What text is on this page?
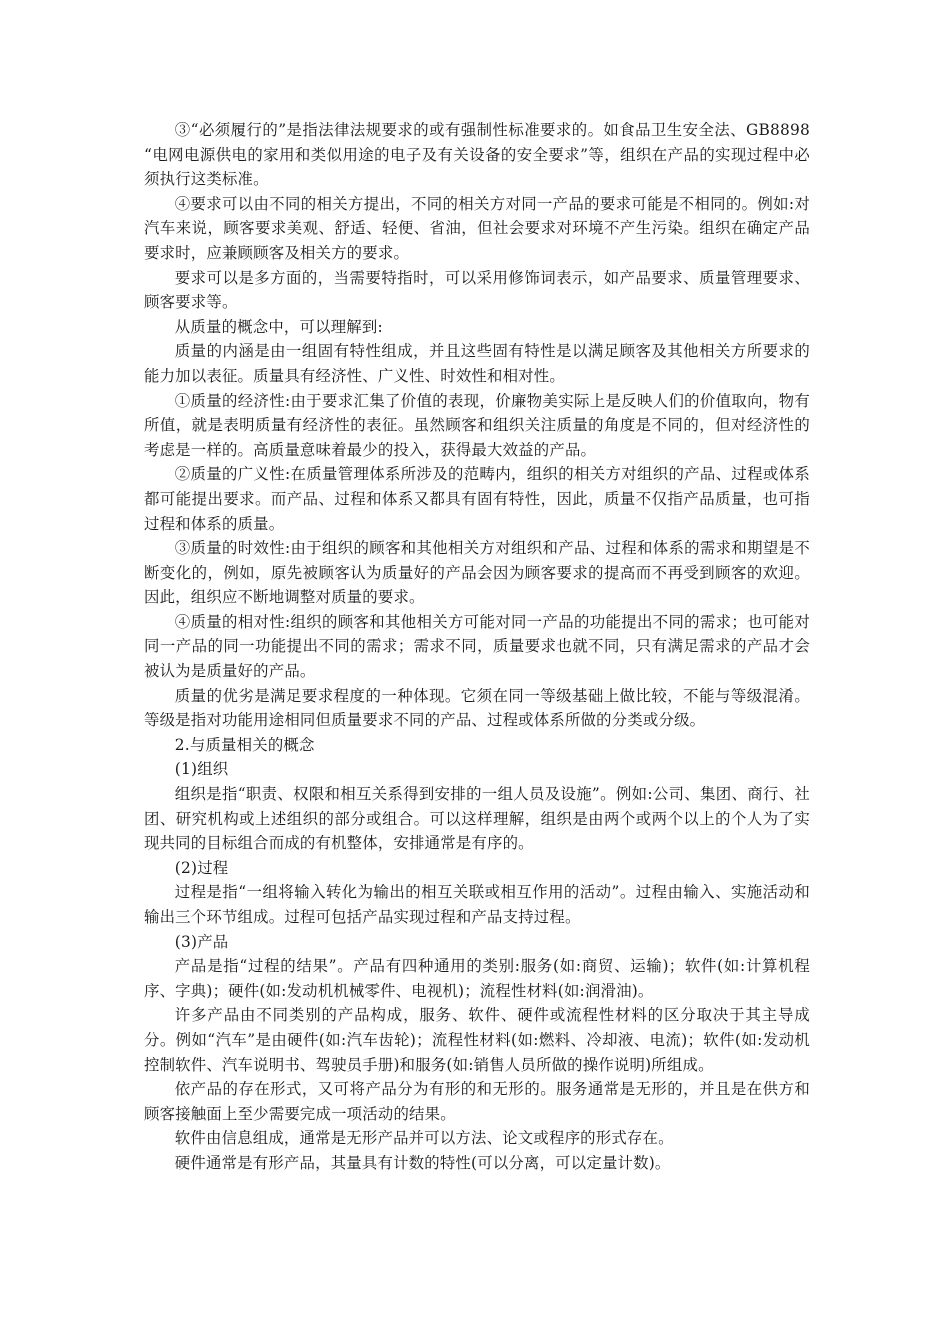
③“必须履行的”是指法律法规要求的或有强制性标准要求的。如食品卫生安全法、GB8898 “电网电源供电的家用和类似用途的电子及有关设备的安全要求”等，组织在产品的实现过程中必须执行这类标准。

④要求可以由不同的相关方提出，不同的相关方对同一产品的要求可能是不相同的。例如:对汽车来说，顾客要求美观、舒适、轻便、省油，但社会要求对环境不产生污染。组织在确定产品要求时，应兼顾顾客及相关方的要求。

要求可以是多方面的，当需要特指时，可以采用修饰词表示，如产品要求、质量管理要求、顾客要求等。

从质量的概念中，可以理解到:

质量的内涵是由一组固有特性组成，并且这些固有特性是以满足顾客及其他相关方所要求的能力加以表征。质量具有经济性、广义性、时效性和相对性。

①质量的经济性:由于要求汇集了价值的表现，价廉物美实际上是反映人们的价值取向，物有所值，就是表明质量有经济性的表征。虽然顾客和组织关注质量的角度是不同的，但对经济性的考虑是一样的。高质量意味着最少的投入，获得最大效益的产品。

②质量的广义性:在质量管理体系所涉及的范畴内，组织的相关方对组织的产品、过程或体系都可能提出要求。而产品、过程和体系又都具有固有特性，因此，质量不仅指产品质量，也可指过程和体系的质量。

③质量的时效性:由于组织的顾客和其他相关方对组织和产品、过程和体系的需求和期望是不断变化的，例如，原先被顾客认为质量好的产品会因为顾客要求的提高而不再受到顾客的欢迎。因此，组织应不断地调整对质量的要求。

④质量的相对性:组织的顾客和其他相关方可能对同一产品的功能提出不同的需求；也可能对同一产品的同一功能提出不同的需求；需求不同，质量要求也就不同，只有满足需求的产品才会被认为是质量好的产品。

质量的优劣是满足要求程度的一种体现。它须在同一等级基础上做比较，不能与等级混淆。等级是指对功能用途相同但质量要求不同的产品、过程或体系所做的分类或分级。

2.与质量相关的概念

(1)组织

组织是指“职责、权限和相互关系得到安排的一组人员及设施”。例如:公司、集团、商行、社团、研究机构或上述组织的部分或组合。可以这样理解，组织是由两个或两个以上的个人为了实现共同的目标组合而成的有机整体，安排通常是有序的。

(2)过程

过程是指“一组将输入转化为输出的相互关联或相互作用的活动”。过程由输入、实施活动和输出三个环节组成。过程可包括产品实现过程和产品支持过程。

(3)产品

产品是指“过程的结果”。产品有四种通用的类别:服务(如:商贸、运输)；软件(如:计算机程序、字典)；硬件(如:发动机机械零件、电视机)；流程性材料(如:润滑油)。

许多产品由不同类别的产品构成，服务、软件、硬件或流程性材料的区分取决于其主导成分。例如“汽车”是由硬件(如:汽车齿轮)；流程性材料(如:燃料、冷却液、电流)；软件(如:发动机控制软件、汽车说明书、驾驶员手册)和服务(如:销售人员所做的操作说明)所组成。

依产品的存在形式，又可将产品分为有形的和无形的。服务通常是无形的，并且是在供方和顾客接触面上至少需要完成一项活动的结果。

软件由信息组成，通常是无形产品并可以方法、论文或程序的形式存在。

硬件通常是有形产品，其量具有计数的特性(可以分离，可以定量计数)。
